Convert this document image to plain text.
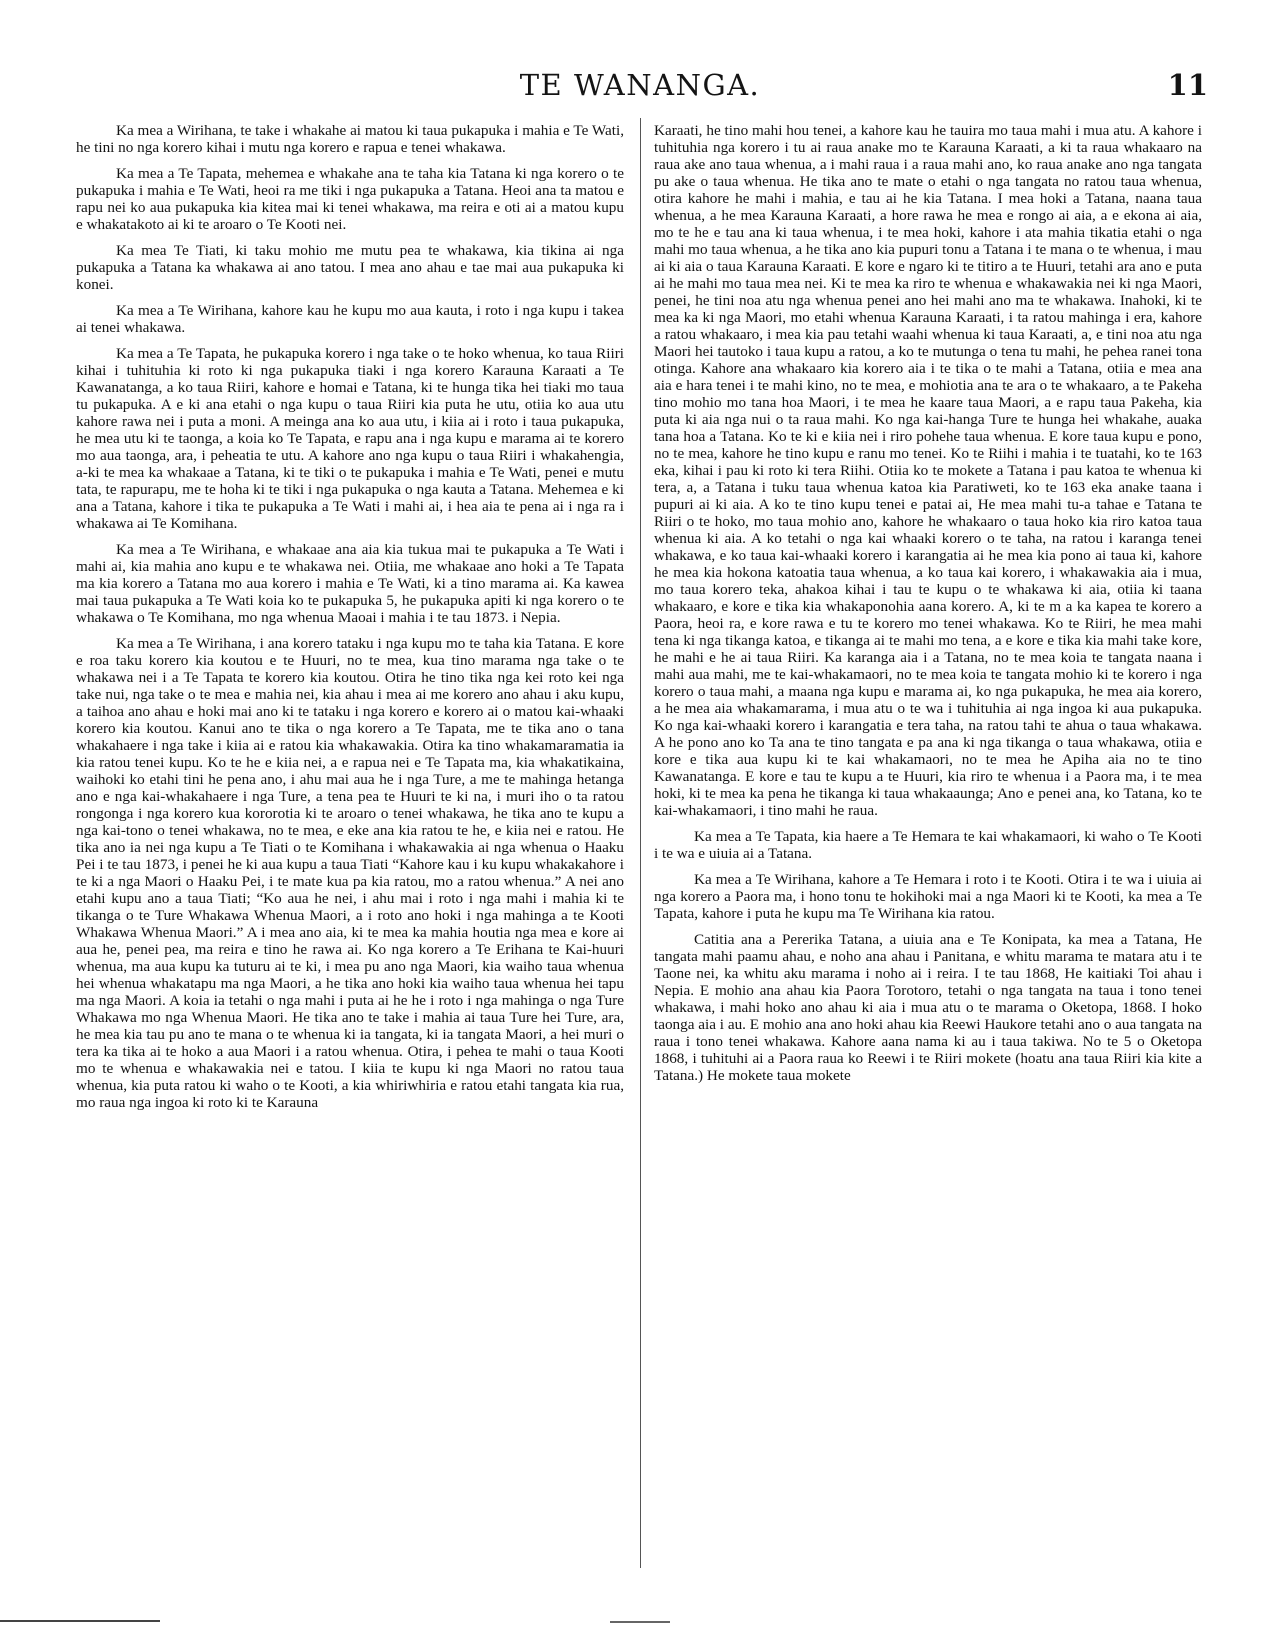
TE WANANGA.	11

Ka mea a Wirihana, te take i whakahe ai matou ki taua pukapuka i mahia e Te Wati, he tini no nga korero kihai i mutu nga korero e rapua e tenei whakawa.

Ka mea a Te Tapata, mehemea e whakahe ana te taha kia Tatana ki nga korero o te pukapuka i mahia e Te Wati, heoi ra me tiki i nga pukapuka a Tatana. Heoi ana ta matou e rapu nei ko aua pukapuka kia kitea mai ki tenei whakawa, ma reira e oti ai a matou kupu e whakatakoto ai ki te aroaro o Te Kooti nei.

Ka mea Te Tiati, ki taku mohio me mutu pea te whakawa, kia tikina ai nga pukapuka a Tatana ka whakawa ai ano tatou. I mea ano ahau e tae mai aua pukapuka ki konei.

Ka mea a Te Wirihana, kahore kau he kupu mo aua kauta, i roto i nga kupu i takea ai tenei whakawa.

Ka mea a Te Tapata, he pukapuka korero i nga take o te hoko whenua, ko taua Riiri kihai i tuhituhia ki roto ki nga pukapuka tiaki i nga korero Karauna Karaati a Te Kawanatanga, a ko taua Riiri, kahore e homai e Tatana, ki te hunga tika hei tiaki mo taua tu pukapuka. A e ki ana etahi o nga kupu o taua Riiri kia puta he utu, otiia ko aua utu kahore rawa nei i puta a moni. A meinga ana ko aua utu, i kiia ai i roto i taua pukapuka, he mea utu ki te taonga, a koia ko Te Tapata, e rapu ana i nga kupu e marama ai te korero mo aua taonga, ara, i peheatia te utu. A kahore ano nga kupu o taua Riiri i whakahengia, a-ki te mea ka whakaae a Tatana, ki te tiki o te pukapuka i mahia e Te Wati, penei e mutu tata, te rapurapu, me te hoha ki te tiki i nga pukapuka o nga kauta a Tatana. Mehemea e ki ana a Tatana, kahore i tika te pukapuka a Te Wati i mahi ai, i hea aia te pena ai i nga ra i whakawa ai Te Komihana.

Ka mea a Te Wirihana, e whakaae ana aia kia tukua mai te pukapuka a Te Wati i mahi ai, kia mahia ano kupu e te whakawa nei. Otiia, me whakaae ano hoki a Te Tapata ma kia korero a Tatana mo aua korero i mahia e Te Wati, ki a tino marama ai. Ka kawea mai taua pukapuka a Te Wati koia ko te pukapuka 5, he pukapuka apiti ki nga korero o te whakawa o Te Komihana, mo nga whenua Maoai i mahia i te tau 1873. i Nepia.

Ka mea a Te Wirihana, i ana korero tataku i nga kupu mo te taha kia Tatana. E kore e roa taku korero kia koutou e te Huuri, no te mea, kua tino marama nga take o te whakawa nei i a Te Tapata te korero kia koutou. Otira he tino tika nga kei roto kei nga take nui, nga take o te mea e mahia nei, kia ahau i mea ai me korero ano ahau i aku kupu, a taihoa ano ahau e hoki mai ano ki te tataku i nga korero e korero ai o matou kai-whaaki korero kia koutou. Kanui ano te tika o nga korero a Te Tapata, me te tika ano o tana whakahaere i nga take i kiia ai e ratou kia whakawakia. Otira ka tino whakamaramatia ia kia ratou tenei kupu. Ko te he e kiia nei, a e rapua nei e Te Tapata ma, kia whakatikaina, waihoki ko etahi tini he pena ano, i ahu mai aua he i nga Ture, a me te mahinga hetanga ano e nga kai-whakahaere i nga Ture, a tena pea te Huuri te ki na, i muri iho o ta ratou rongonga i nga korero kua kororotia ki te aroaro o tenei whakawa, he tika ano te kupu a nga kai-tono o tenei whakawa, no te mea, e eke ana kia ratou te he, e kiia nei e ratou. He tika ano ia nei nga kupu a Te Tiati o te Komihana i whakawakia ai nga whenua o Haaku Pei i te tau 1873, i penei he ki aua kupu a taua Tiati “Kahore kau i ku kupu whakakahore i te ki a nga Maori o Haaku Pei, i te mate kua pa kia ratou, mo a ratou whenua.” A nei ano etahi kupu ano a taua Tiati; “Ko aua he nei, i ahu mai i roto i nga mahi i mahia ki te tikanga o te Ture Whakawa Whenua Maori, a i roto ano hoki i nga mahinga a te Kooti Whakawa Whenua Maori.” A i mea ano aia, ki te mea ka mahia houtia nga mea e kore ai aua he, penei pea, ma reira e tino he rawa ai. Ko nga korero a Te Erihana te Kai-huuri whenua, ma aua kupu ka tuturu ai te ki, i mea pu ano nga Maori, kia waiho taua whenua hei whenua whakatapu ma nga Maori, a he tika ano hoki kia waiho taua whenua hei tapu ma nga Maori. A koia ia tetahi o nga mahi i puta ai he he i roto i nga mahinga o nga Ture Whakawa mo nga Whenua Maori. He tika ano te take i mahia ai taua Ture hei Ture, ara, he mea kia tau pu ano te mana o te whenua ki ia tangata, ki ia tangata Maori, a hei muri o tera ka tika ai te hoko a aua Maori i a ratou whenua. Otira, i pehea te mahi o taua Kooti mo te whenua e whakawakia nei e tatou. I kiia te kupu ki nga Maori no ratou taua whenua, kia puta ratou ki waho o te Kooti, a kia whiriwhiria e ratou etahi tangata kia rua, mo raua nga ingoa ki roto ki te Karauna

Karaati, he tino mahi hou tenei, a kahore kau he tauira mo taua mahi i mua atu. A kahore i tuhituhia nga korero i tu ai raua anake mo te Karauna Karaati, a ki ta raua whakaaro na raua ake ano taua whenua, a i mahi raua i a raua mahi ano, ko raua anake ano nga tangata pu ake o taua whenua. He tika ano te mate o etahi o nga tangata no ratou taua whenua, otira kahore he mahi i mahia, e tau ai he kia Tatana. I mea hoki a Tatana, naana taua whenua, a he mea Karauna Karaati, a hore rawa he mea e rongo ai aia, a e ekona ai aia, mo te he e tau ana ki taua whenua, i te mea hoki, kahore i ata mahia tikatia etahi o nga mahi mo taua whenua, a he tika ano kia pupuri tonu a Tatana i te mana o te whenua, i mau ai ki aia o taua Karauna Karaati. E kore e ngaro ki te titiro a te Huuri, tetahi ara ano e puta ai he mahi mo taua mea nei. Ki te mea ka riro te whenua e whakawakia nei ki nga Maori, penei, he tini noa atu nga whenua penei ano hei mahi ano ma te whakawa. Inahoki, ki te mea ka ki nga Maori, mo etahi whenua Karauna Karaati, i ta ratou mahinga i era, kahore a ratou whakaaro, i mea kia pau tetahi waahi whenua ki taua Karaati, a, e tini noa atu nga Maori hei tautoko i taua kupu a ratou, a ko te mutunga o tena tu mahi, he pehea ranei tona otinga. Kahore ana whakaaro kia korero aia i te tika o te mahi a Tatana, otiia e mea ana aia e hara tenei i te mahi kino, no te mea, e mohiotia ana te ara o te whakaaro, a te Pakeha tino mohio mo tana hoa Maori, i te mea he kaare taua Maori, a e rapu taua Pakeha, kia puta ki aia nga nui o ta raua mahi. Ko nga kai-hanga Ture te hunga hei whakahe, auaka tana hoa a Tatana. Ko te ki e kiia nei i riro pohehe taua whenua. E kore taua kupu e pono, no te mea, kahore he tino kupu e ranu mo tenei. Ko te Riihi i mahia i te tuatahi, ko te 163 eka, kihai i pau ki roto ki tera Riihi. Otiia ko te mokete a Tatana i pau katoa te whenua ki tera, a, a Tatana i tuku taua whenua katoa kia Paratiweti, ko te 163 eka anake taana i pupuri ai ki aia. A ko te tino kupu tenei e patai ai, He mea mahi tu-a tahae e Tatana te Riiri o te hoko, mo taua mohio ano, kahore he whakaaro o taua hoko kia riro katoa taua whenua ki aia. A ko tetahi o nga kai whaaki korero o te taha, na ratou i karanga tenei whakawa, e ko taua kai-whaaki korero i karangatia ai he mea kia pono ai taua ki, kahore he mea kia hokona katoatia taua whenua, a ko taua kai korero, i whakawakia aia i mua, mo taua korero teka, ahakoa kihai i tau te kupu o te whakawa ki aia, otiia ki taana whakaaro, e kore e tika kia whakaponohia aana korero. A, ki te m a ka kapea te korero a Paora, heoi ra, e kore rawa e tu te korero mo tenei whakawa. Ko te Riiri, he mea mahi tena ki nga tikanga katoa, e tikanga ai te mahi mo tena, a e kore e tika kia mahi take kore, he mahi e he ai taua Riiri. Ka karanga aia i a Tatana, no te mea koia te tangata naana i mahi aua mahi, me te kai-whakamaori, no te mea koia te tangata mohio ki te korero i nga korero o taua mahi, a maana nga kupu e marama ai, ko nga pukapuka, he mea aia korero, a he mea aia whakamarama, i mua atu o te wa i tuhituhia ai nga ingoa ki aua pukapuka. Ko nga kai-whaaki korero i karangatia e tera taha, na ratou tahi te ahua o taua whakawa. A he pono ano ko Ta ana te tino tangata e pa ana ki nga tikanga o taua whakawa, otiia e kore e tika aua kupu ki te kai whakamaori, no te mea he Apiha aia no te tino Kawanatanga. E kore e tau te kupu a te Huuri, kia riro te whenua i a Paora ma, i te mea hoki, ki te mea ka pena he tikanga ki taua whakaaunga; Ano e penei ana, ko Tatana, ko te kai-whakamaori, i tino mahi he raua.

Ka mea a Te Tapata, kia haere a Te Hemara te kai whakamaori, ki waho o Te Kooti i te wa e uiuia ai a Tatana.

Ka mea a Te Wirihana, kahore a Te Hemara i roto i te Kooti. Otira i te wa i uiuia ai nga korero a Paora ma, i hono tonu te hokihoki mai a nga Maori ki te Kooti, ka mea a Te Tapata, kahore i puta he kupu ma Te Wirihana kia ratou.

Catitia ana a Pererika Tatana, a uiuia ana e Te Konipata, ka mea a Tatana, He tangata mahi paamu ahau, e noho ana ahau i Panitana, e whitu marama te matara atu i te Taone nei, ka whitu aku marama i noho ai i reira. I te tau 1868, He kaitiaki Toi ahau i Nepia. E mohio ana ahau kia Paora Torotoro, tetahi o nga tangata na taua i tono tenei whakawa, i mahi hoko ano ahau ki aia i mua atu o te marama o Oketopa, 1868. I hoko taonga aia i au. E mohio ana ano hoki ahau kia Reewi Haukore tetahi ano o aua tangata na raua i tono tenei whakawa. Kahore aana nama ki au i taua takiwa. No te 5 o Oketopa 1868, i tuhituhi ai a Paora raua ko Reewi i te Riiri mokete (hoatu ana taua Riiri kia kite a Tatana.) He mokete taua mokete
